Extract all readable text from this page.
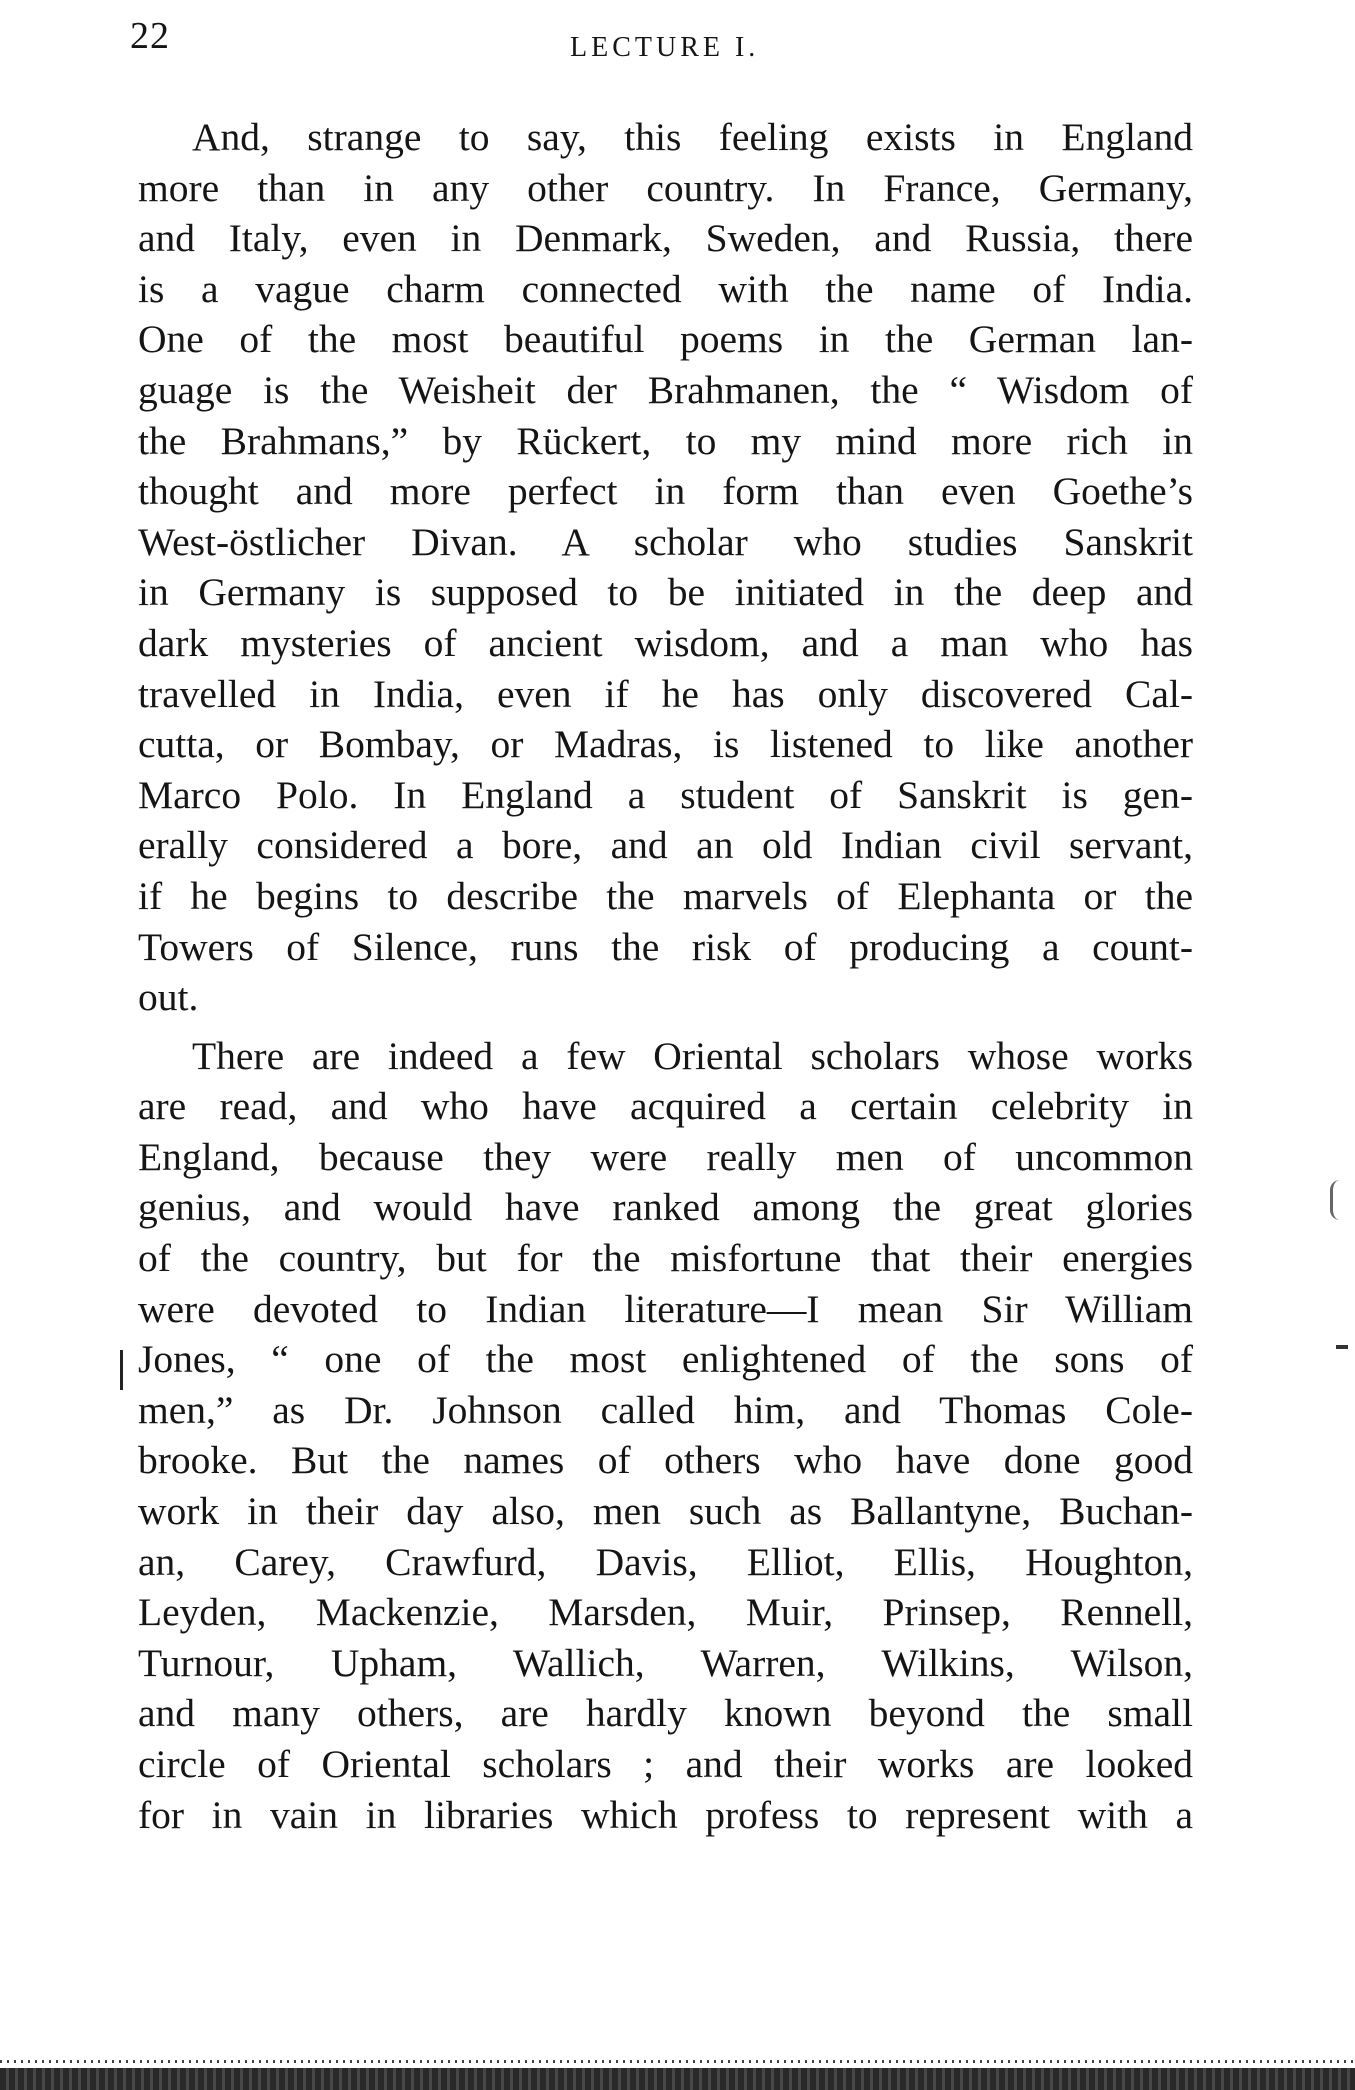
22	LECTURE I.
And, strange to say, this feeling exists in England
more than in any other country. In France, Germany,
and Italy, even in Denmark, Sweden, and Russia, there
is a vague charm connected with the name of India.
One of the most beautiful poems in the German lan-
guage is the Weisheit der Brahmanen, the “ Wisdom of
the Brahmans,” by Rückert, to my mind more rich in
thought and more perfect in form than even Goethe’s
West-östlicher Divan. A scholar who studies Sanskrit
in Germany is supposed to be initiated in the deep and
dark mysteries of ancient wisdom, and a man who has
travelled in India, even if he has only discovered Cal-
cutta, or Bombay, or Madras, is listened to like another
Marco Polo. In England a student of Sanskrit is gen-
erally considered a bore, and an old Indian civil servant,
if he begins to describe the marvels of Elephanta or the
Towers of Silence, runs the risk of producing a count-
out.
There are indeed a few Oriental scholars whose works
are read, and who have acquired a certain celebrity in
England, because they were really men of uncommon
genius, and would have ranked among the great glories
of the country, but for the misfortune that their energies
were devoted to Indian literature—I mean Sir William
Jones, “ one of the most enlightened of the sons of
men,” as Dr. Johnson called him, and Thomas Cole-
brooke. But the names of others who have done good
work in their day also, men such as Ballantyne, Buchan-
an, Carey, Crawfurd, Davis, Elliot, Ellis, Houghton,
Leyden, Mackenzie, Marsden, Muir, Prinsep, Rennell,
Turnour, Upham, Wallich, Warren, Wilkins, Wilson,
and many others, are hardly known beyond the small
circle of Oriental scholars ; and their works are looked
for in vain in libraries which profess to represent with a
